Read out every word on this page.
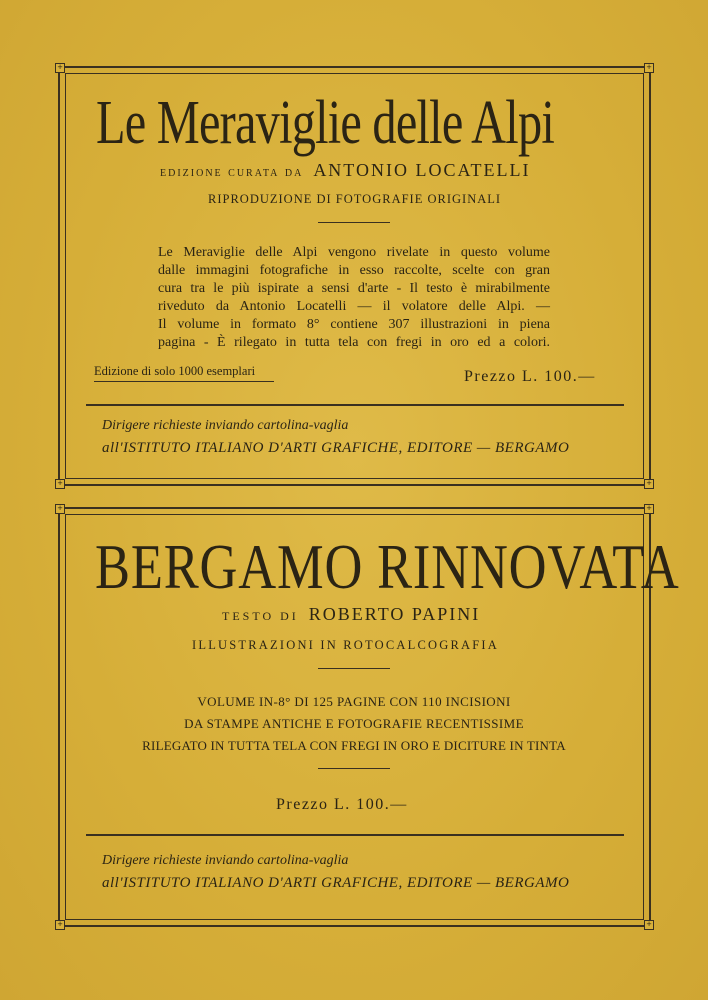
+	+
+	+
Le Meraviglie delle Alpi
edizione curata da ANTONIO LOCATELLI
RIPRODUZIONE DI FOTOGRAFIE ORIGINALI
Le Meraviglie delle Alpi vengono rivelate in questo volume
dalle immagini fotografiche in esso raccolte, scelte con gran
cura tra le più ispirate a sensi d'arte - Il testo è mirabilmente
riveduto da Antonio Locatelli — il volatore delle Alpi. —
Il volume in formato 8° contiene 307 illustrazioni in piena
pagina - È rilegato in tutta tela con fregi in oro ed a colori.
Edizione di solo 1000 esemplari	Prezzo L. 100.—
Dirigere richieste inviando cartolina-vaglia
all'ISTITUTO ITALIANO D'ARTI GRAFICHE, EDITORE — BERGAMO
+	+
+	+
BERGAMO RINNOVATA
TESTO DI ROBERTO PAPINI
ILLUSTRAZIONI IN ROTOCALCOGRAFIA
VOLUME IN-8° DI 125 PAGINE CON 110 INCISIONI
DA STAMPE ANTICHE E FOTOGRAFIE RECENTISSIME
RILEGATO IN TUTTA TELA CON FREGI IN ORO E DICITURE IN TINTA
Prezzo L. 100.—
Dirigere richieste inviando cartolina-vaglia
all'ISTITUTO ITALIANO D'ARTI GRAFICHE, EDITORE — BERGAMO
